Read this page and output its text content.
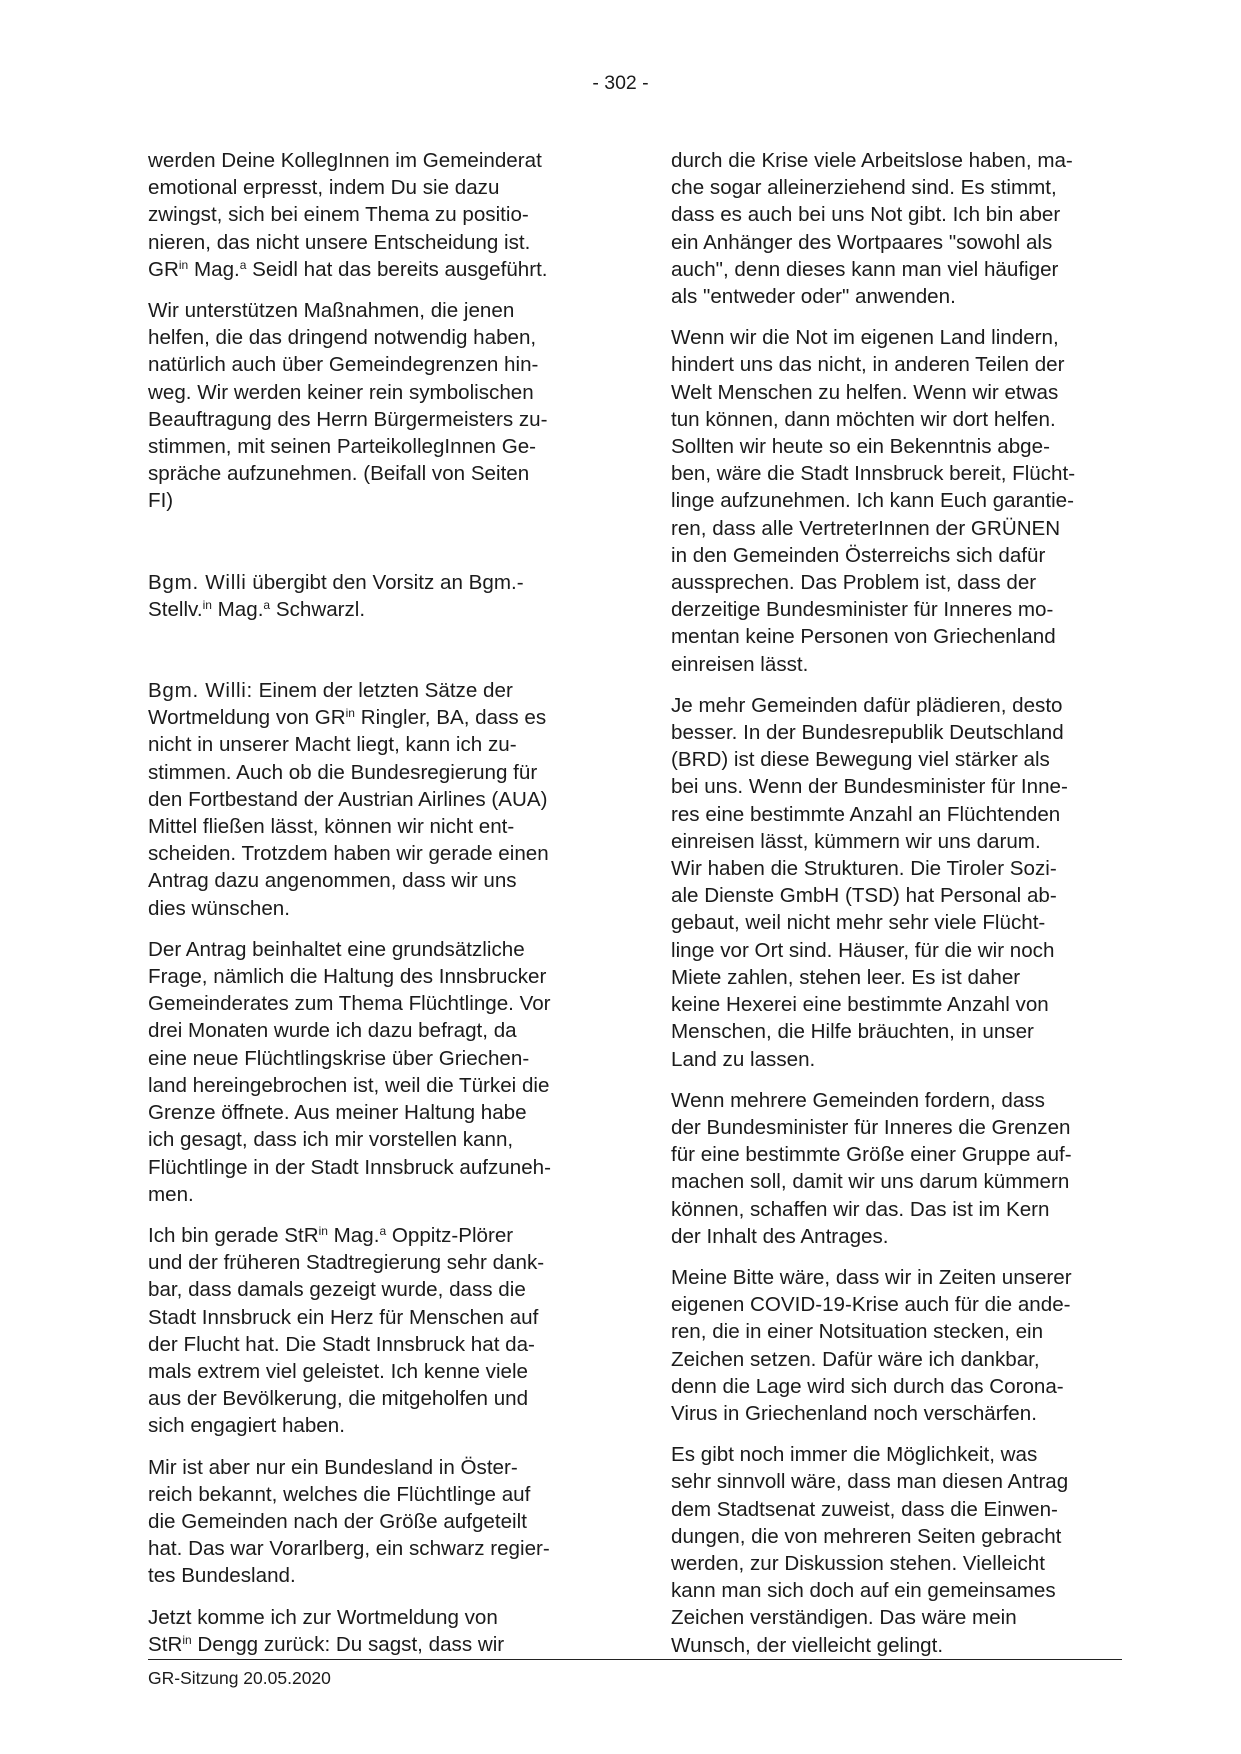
- 302 -

werden Deine KollegInnen im Gemeinderat
emotional erpresst, indem Du sie dazu
zwingst, sich bei einem Thema zu positio-
nieren, das nicht unsere Entscheidung ist.
$GR^{in}$ Mag.$^a$ Seidl hat das bereits ausgeführt.

Wir unterstützen Maßnahmen, die jenen
helfen, die das dringend notwendig haben,
natürlich auch über Gemeindegrenzen hin-
weg. Wir werden keiner rein symbolischen
Beauftragung des Herrn Bürgermeisters zu-
stimmen, mit seinen ParteikollegInnen Ge-
spräche aufzunehmen. (Beifall von Seiten
FI)

Bgm. Willi übergibt den Vorsitz an Bgm.-
Stellv.$^{in}$ Mag.$^a$ Schwarzl.

Bgm. Willi: Einem der letzten Sätze der
Wortmeldung von $GR^{in}$ Ringler, BA, dass es
nicht in unserer Macht liegt, kann ich zu-
stimmen. Auch ob die Bundesregierung für
den Fortbestand der Austrian Airlines (AUA)
Mittel fließen lässt, können wir nicht ent-
scheiden. Trotzdem haben wir gerade einen
Antrag dazu angenommen, dass wir uns
dies wünschen.

Der Antrag beinhaltet eine grundsätzliche
Frage, nämlich die Haltung des Innsbrucker
Gemeinderates zum Thema Flüchtlinge. Vor
drei Monaten wurde ich dazu befragt, da
eine neue Flüchtlingskrise über Griechen-
land hereingebrochen ist, weil die Türkei die
Grenze öffnete. Aus meiner Haltung habe
ich gesagt, dass ich mir vorstellen kann,
Flüchtlinge in der Stadt Innsbruck aufzuneh-
men.

Ich bin gerade StR$^{in}$ Mag.$^a$ Oppitz-Plörer
und der früheren Stadtregierung sehr dank-
bar, dass damals gezeigt wurde, dass die
Stadt Innsbruck ein Herz für Menschen auf
der Flucht hat. Die Stadt Innsbruck hat da-
mals extrem viel geleistet. Ich kenne viele
aus der Bevölkerung, die mitgeholfen und
sich engagiert haben.

Mir ist aber nur ein Bundesland in Öster-
reich bekannt, welches die Flüchtlinge auf
die Gemeinden nach der Größe aufgeteilt
hat. Das war Vorarlberg, ein schwarz regier-
tes Bundesland.

Jetzt komme ich zur Wortmeldung von
StR$^{in}$ Dengg zurück: Du sagst, dass wir

durch die Krise viele Arbeitslose haben, ma-
che sogar alleinerziehend sind. Es stimmt,
dass es auch bei uns Not gibt. Ich bin aber
ein Anhänger des Wortpaares "sowohl als
auch", denn dieses kann man viel häufiger
als "entweder oder" anwenden.

Wenn wir die Not im eigenen Land lindern,
hindert uns das nicht, in anderen Teilen der
Welt Menschen zu helfen. Wenn wir etwas
tun können, dann möchten wir dort helfen.
Sollten wir heute so ein Bekenntnis abge-
ben, wäre die Stadt Innsbruck bereit, Flücht-
linge aufzunehmen. Ich kann Euch garantie-
ren, dass alle VertreterInnen der GRÜNEN
in den Gemeinden Österreichs sich dafür
aussprechen. Das Problem ist, dass der
derzeitige Bundesminister für Inneres mo-
mentan keine Personen von Griechenland
einreisen lässt.

Je mehr Gemeinden dafür plädieren, desto
besser. In der Bundesrepublik Deutschland
(BRD) ist diese Bewegung viel stärker als
bei uns. Wenn der Bundesminister für Inne-
res eine bestimmte Anzahl an Flüchtenden
einreisen lässt, kümmern wir uns darum.
Wir haben die Strukturen. Die Tiroler Sozi-
ale Dienste GmbH (TSD) hat Personal ab-
gebaut, weil nicht mehr sehr viele Flücht-
linge vor Ort sind. Häuser, für die wir noch
Miete zahlen, stehen leer. Es ist daher
keine Hexerei eine bestimmte Anzahl von
Menschen, die Hilfe bräuchten, in unser
Land zu lassen.

Wenn mehrere Gemeinden fordern, dass
der Bundesminister für Inneres die Grenzen
für eine bestimmte Größe einer Gruppe auf-
machen soll, damit wir uns darum kümmern
können, schaffen wir das. Das ist im Kern
der Inhalt des Antrages.

Meine Bitte wäre, dass wir in Zeiten unserer
eigenen COVID-19-Krise auch für die ande-
ren, die in einer Notsituation stecken, ein
Zeichen setzen. Dafür wäre ich dankbar,
denn die Lage wird sich durch das Corona-
Virus in Griechenland noch verschärfen.

Es gibt noch immer die Möglichkeit, was
sehr sinnvoll wäre, dass man diesen Antrag
dem Stadtsenat zuweist, dass die Einwen-
dungen, die von mehreren Seiten gebracht
werden, zur Diskussion stehen. Vielleicht
kann man sich doch auf ein gemeinsames
Zeichen verständigen. Das wäre mein
Wunsch, der vielleicht gelingt.

GR-Sitzung 20.05.2020
